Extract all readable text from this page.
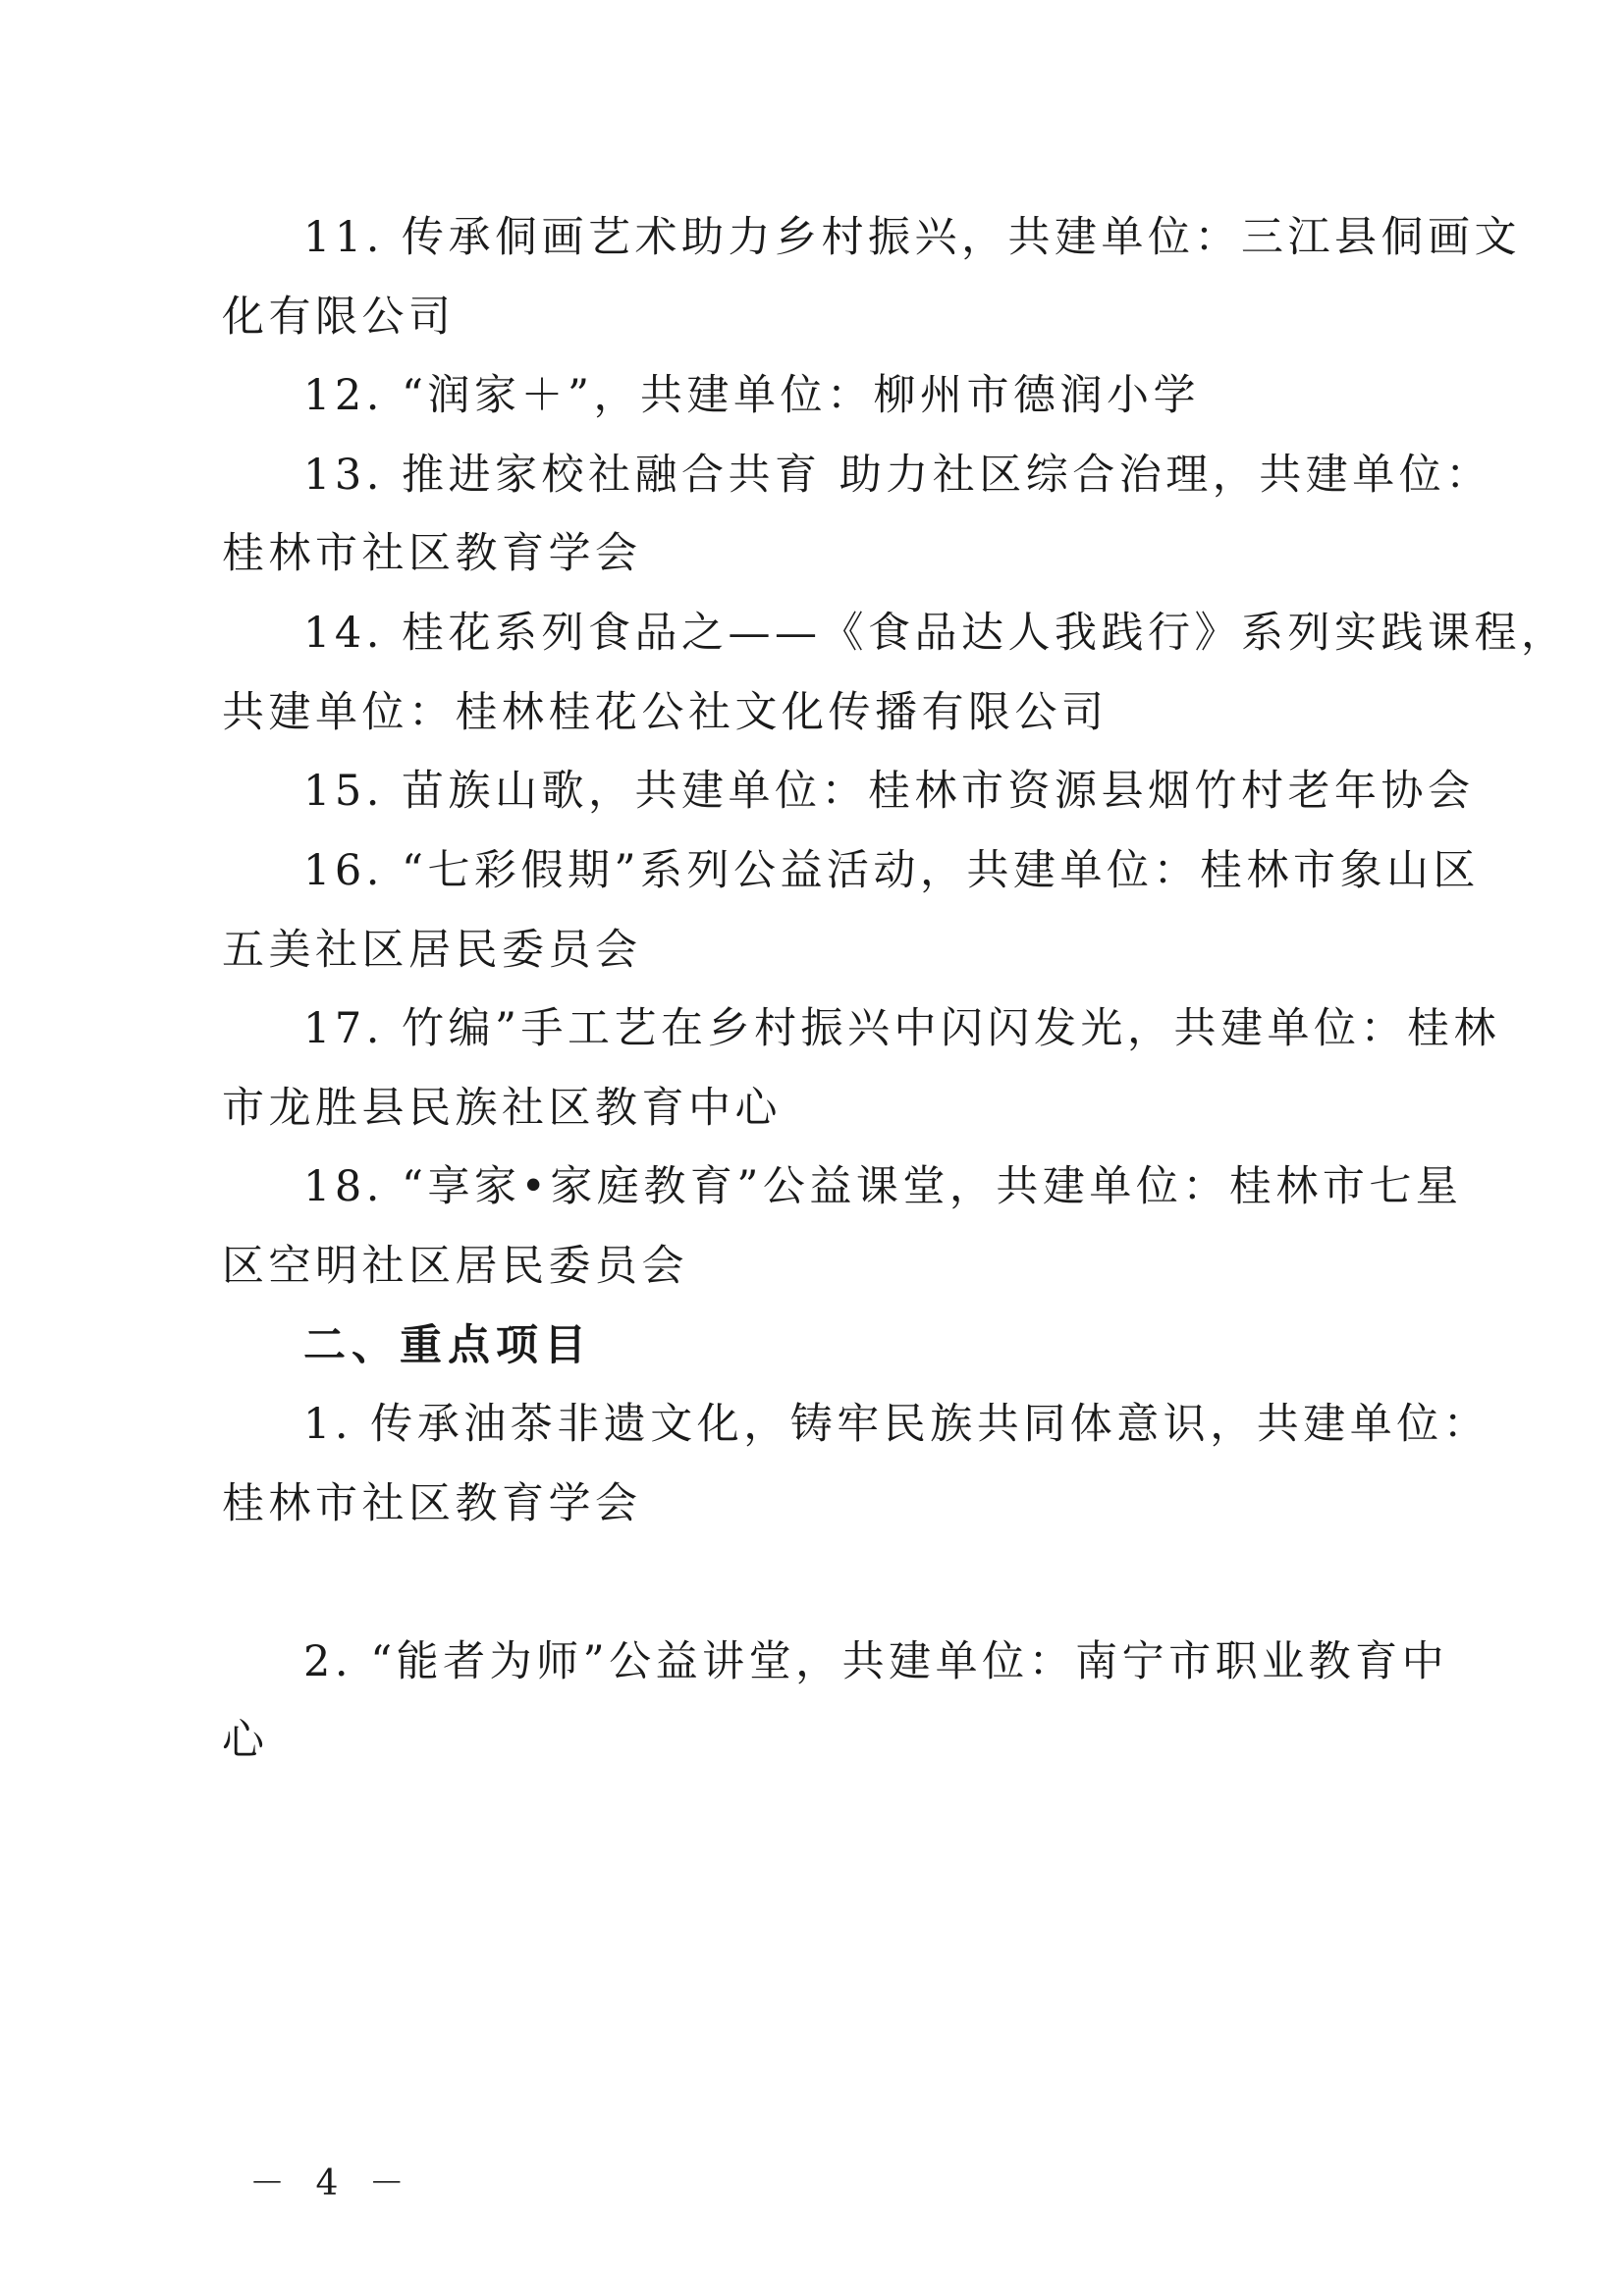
11. 传承侗画艺术助力乡村振兴，共建单位：三江县侗画文
化有限公司
12. “润家＋”，共建单位：柳州市德润小学
13. 推进家校社融合共育 助力社区综合治理，共建单位：
桂林市社区教育学会
14. 桂花系列食品之——《食品达人我践行》系列实践课程，
共建单位：桂林桂花公社文化传播有限公司
15. 苗族山歌，共建单位：桂林市资源县烟竹村老年协会
16. “七彩假期”系列公益活动，共建单位：桂林市象山区
五美社区居民委员会
17. 竹编”手工艺在乡村振兴中闪闪发光，共建单位：桂林
市龙胜县民族社区教育中心
18. “享家•家庭教育”公益课堂，共建单位：桂林市七星
区空明社区居民委员会
二、重点项目
1. 传承油茶非遗文化，铸牢民族共同体意识，共建单位：
桂林市社区教育学会
2. “能者为师”公益讲堂，共建单位：南宁市职业教育中
心
－ 4 －
